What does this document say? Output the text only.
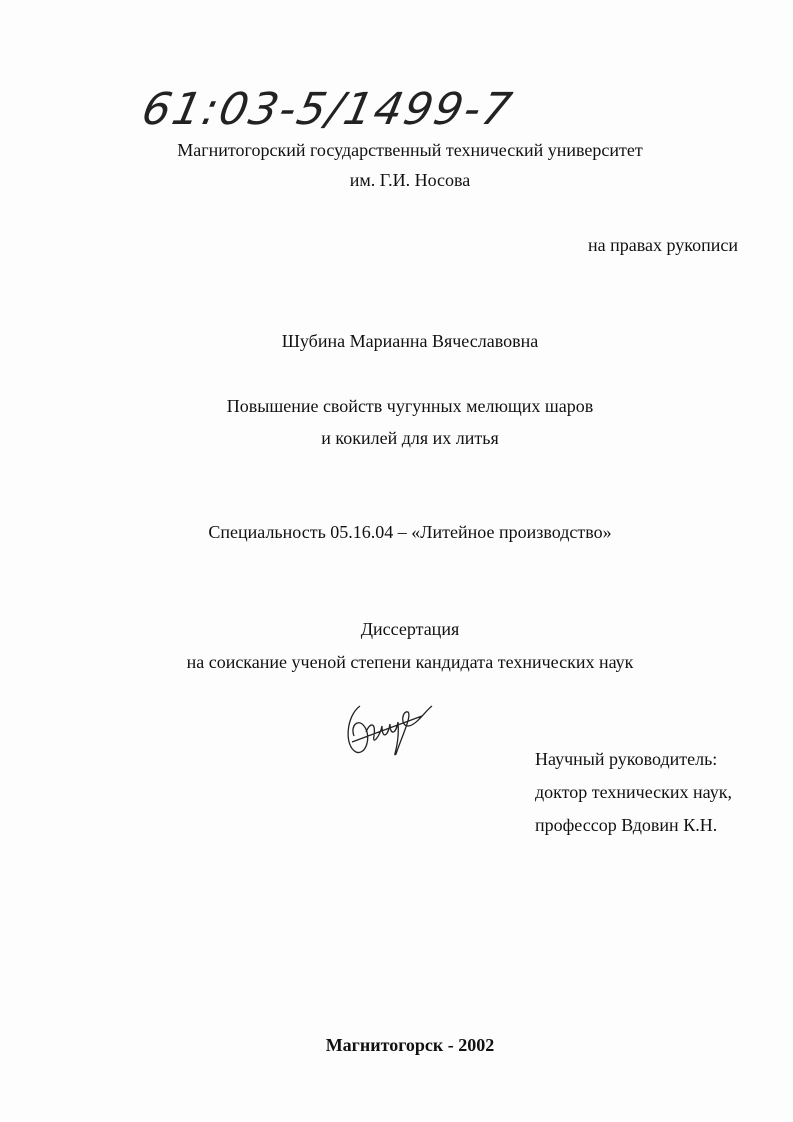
61:03-5/1499-7
Магнитогорский государственный технический университет
им. Г.И. Носова
на правах рукописи
Шубина Марианна Вячеславовна
Повышение свойств чугунных мелющих шаров
и кокилей для их литья
Специальность 05.16.04 – «Литейное производство»
Диссертация
на соискание ученой степени кандидата технических наук
Научный руководитель:
доктор технических наук,
профессор Вдовин К.Н.
Магнитогорск - 2002
